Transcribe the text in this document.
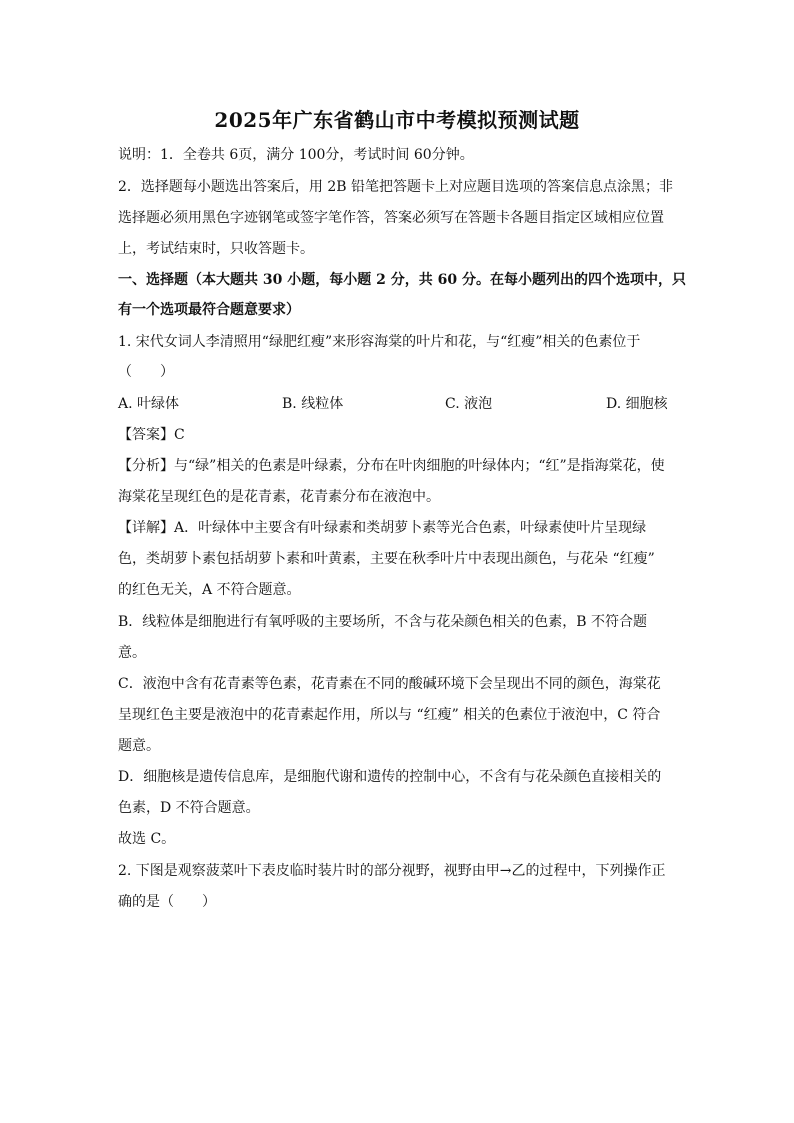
2025年广东省鹤山市中考模拟预测试题
说明：1．全卷共 6页，满分 100分，考试时间 60分钟。
2．选择题每小题选出答案后，用 2B 铅笔把答题卡上对应题目选项的答案信息点涂黑；非
选择题必须用黑色字迹钢笔或签字笔作答，答案必须写在答题卡各题目指定区域相应位置
上，考试结束时，只收答题卡。
一、选择题（本大题共 30 小题，每小题 2 分，共 60 分。在每小题列出的四个选项中，只
有一个选项最符合题意要求）
1. 宋代女词人李清照用“绿肥红瘦”来形容海棠的叶片和花，与“红瘦”相关的色素位于
（　　）
A. 叶绿体	B. 线粒体	C. 液泡	D. 细胞核
【答案】C
【分析】与“绿”相关的色素是叶绿素，分布在叶肉细胞的叶绿体内；“红”是指海棠花，使
海棠花呈现红色的是花青素，花青素分布在液泡中。
【详解】A．叶绿体中主要含有叶绿素和类胡萝卜素等光合色素，叶绿素使叶片呈现绿
色，类胡萝卜素包括胡萝卜素和叶黄素，主要在秋季叶片中表现出颜色，与花朵 “红瘦”
的红色无关，A 不符合题意。
B．线粒体是细胞进行有氧呼吸的主要场所，不含与花朵颜色相关的色素，B 不符合题
意。
C．液泡中含有花青素等色素，花青素在不同的酸碱环境下会呈现出不同的颜色，海棠花
呈现红色主要是液泡中的花青素起作用，所以与 “红瘦” 相关的色素位于液泡中，C 符合
题意。
D．细胞核是遗传信息库，是细胞代谢和遗传的控制中心，不含有与花朵颜色直接相关的
色素，D 不符合题意。
故选 C。
2. 下图是观察菠菜叶下表皮临时装片时的部分视野，视野由甲→乙的过程中，下列操作正
确的是（　　）
